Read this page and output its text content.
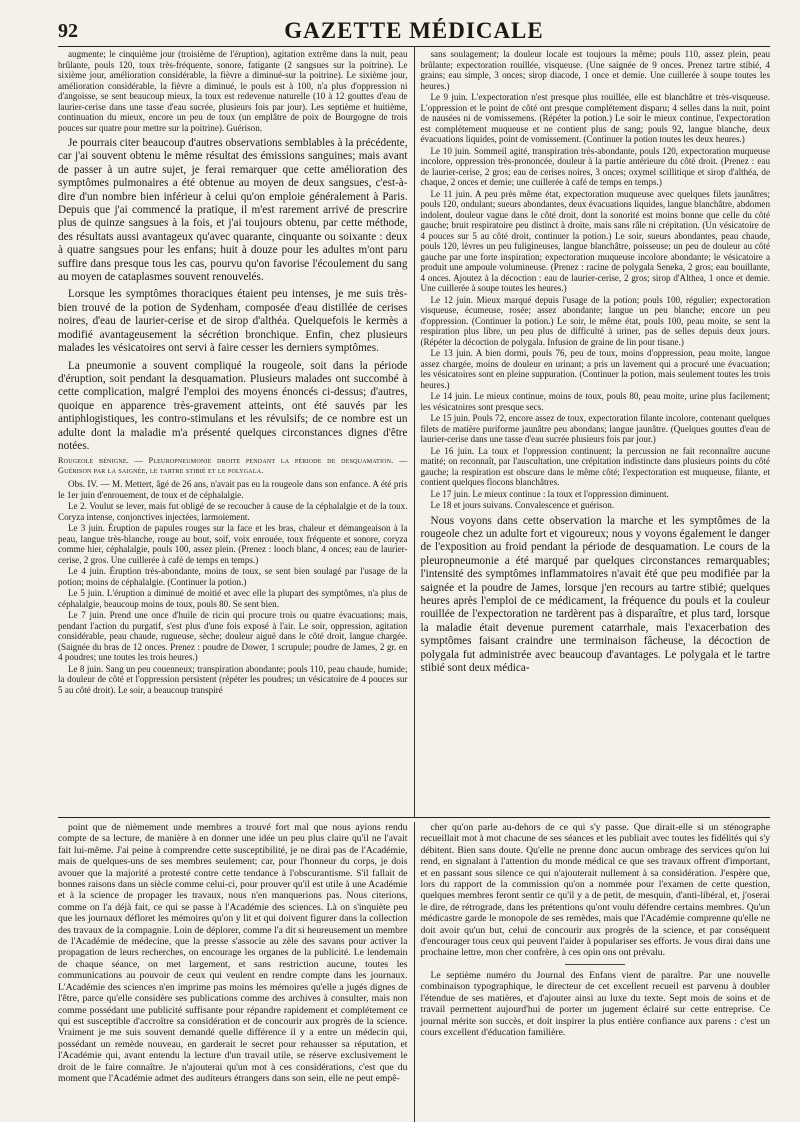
92	GAZETTE MÉDICALE

augmente; le cinquième jour (troisième de l'éruption), agitation extrême dans la nuit, peau brûlante, pouls 120, toux très-fréquente, sonore, fatigante (2 sangsues sur la poitrine). Le sixième jour, amélioration considérable, la fièvre a diminué-sur la poitrine). Le sixième jour, amélioration considérable, la fièvre a diminué, le pouls est à 100, n'a plus d'oppression ni d'angoisse, se sent beaucoup mieux, la toux est redevenue naturelle (10 à 12 gouttes d'eau de laurier-cerise dans une tasse d'eau sucrée, plusieurs fois par jour). Les septième et huitième, continuation du mieux, encore un peu de toux (un emplâtre de poix de Bourgogne de trois pouces sur quatre pour mettre sur la poitrine). Guérison.

Je pourrais citer beaucoup d'autres observations semblables à la précédente, car j'ai souvent obtenu le même résultat des émissions sanguines; mais avant de passer à un autre sujet, je ferai remarquer que cette amélioration des symptômes pulmonaires a été obtenue au moyen de deux sangsues, c'est-à-dire d'un nombre bien inférieur à celui qu'on emploie généralement à Paris. Depuis que j'ai commencé la pratique, il m'est rarement arrivé de prescrire plus de quinze sangsues à la fois, et j'ai toujours obtenu, par cette méthode, des résultats aussi avantageux qu'avec quarante, cinquante ou soixante : deux à quatre sangsues pour les enfans; huit à douze pour les adultes m'ont paru suffire dans presque tous les cas, pourvu qu'on favorise l'écoulement du sang au moyen de cataplasmes souvent renouvelés.

Lorsque les symptômes thoraciques étaient peu intenses, je me suis très-bien trouvé de la potion de Sydenham, composée d'eau distillée de cerises noires, d'eau de laurier-cerise et de sirop d'althéa. Quelquefois le kermès a modifié avantageusement la sécrétion bronchique. Enfin, chez plusieurs malades les vésicatoires ont servi à faire cesser les derniers symptômes.

La pneumonie a souvent compliqué la rougeole, soit dans la période d'éruption, soit pendant la desquamation. Plusieurs malades ont succombé à cette complication, malgré l'emploi des moyens énoncés ci-dessus; d'autres, quoique en apparence très-gravement atteints, ont été sauvés par les antiphlogistiques, les contro-stimulans et les révulsifs; de ce nombre est un adulte dont la maladie m'a présenté quelques circonstances dignes d'être notées.

Rougeole bénigne. — Pleuropneumonie droite pendant la période de desquamation. — Guérison par la saignée, le tartre stibié et le polygala.

Obs. IV. — M. Mettert, âgé de 26 ans, n'avait pas eu la rougeole dans son enfance. A été pris le 1er juin d'enrouement, de toux et de céphalalgie.

Le 2. Voulut se lever, mais fut obligé de se recoucher à cause de la céphalalgie et de la toux. Coryza intense, conjonctives injectées, larmoiement.

Le 3 juin. Éruption de papules rouges sur la face et les bras, chaleur et démangeaison à la peau, langue très-blanche, rouge au bout, soif, voix enrouée, toux fréquente et sonore, coryza comme hier, céphalalgie, pouls 100, assez plein. (Prenez : looch blanc, 4 onces; eau de laurier-cerise, 2 gros. Une cuillerée à café de temps en temps.)

Le 4 juin. Éruption très-abondante, moins de toux, se sent bien soulagé par l'usage de la potion; moins de céphalalgie. (Continuer la potion.)

Le 5 juin. L'éruption a diminué de moitié et avec elle la plupart des symptômes, n'a plus de céphalalgie, beaucoup moins de toux, pouls 80. Se sent bien.

Le 7 juin. Prend une once d'huile de ricin qui procure trois ou quatre évacuations; mais, pendant l'action du purgatif, s'est plus d'une fois exposé à l'air. Le soir, oppression, agitation considérable, peau chaude, rugueuse, sèche; douleur aiguë dans le côté droit, langue chargée. (Saignée du bras de 12 onces. Prenez : poudre de Dower, 1 scrupule; poudre de James, 2 gr. en 4 poudres; une toutes les trois heures.)

Le 8 juin. Sang un peu couenneux; transpiration abondante; pouls 110, peau chaude, humide; la douleur de côté et l'oppression persistent (répéter les poudres; un vésicatoire de 4 pouces sur 5 au côté droit). Le soir, a beaucoup transpiré

sans soulagement; la douleur locale est toujours la même; pouls 110, assez plein, peau brûlante; expectoration rouillée, visqueuse. (Une saignée de 9 onces. Prenez tartre stibié, 4 grains; eau simple, 3 onces; sirop diacode, 1 once et demie. Une cuillerée à soupe toutes les heures.)

Le 9 juin. L'expectoration n'est presque plus rouillée, elle est blanchâtre et très-visqueuse. L'oppression et le point de côté ont presque complétement disparu; 4 selles dans la nuit, point de nausées ni de vomissemens. (Répéter la potion.) Le soir le mieux continue, l'expectoration est complétement muqueuse et ne contient plus de sang; pouls 92, langue blanche, deux évacuations liquides, point de vomissement. (Continuer la potion toutes les deux heures.)

Le 10 juin. Sommeil agité, transpiration très-abondante, pouls 120, expectoration muqueuse incolore, oppression très-prononcée, douleur à la partie antérieure du côté droit. (Prenez : eau de laurier-cerise, 2 gros; eau de cerises noires, 3 onces; oxymel scillitique et sirop d'althéa, de chaque, 2 onces et demie; une cuillerée à café de temps en temps.)

Le 11 juin. A peu près même état, expectoration muqueuse avec quelques filets jaunâtres; pouls 120, ondulant; sueurs abondantes, deux évacuations liquides, langue blanchâtre, abdomen indolent, douleur vague dans le côté droit, dont la sonorité est moins bonne que celle du côté gauche; bruit respiratoire peu distinct à droite, mais sans râle ni crépitation. (Un vésicatoire de 4 pouces sur 5 au côté droit, continuer la potion.) Le soir, sueurs abondantes, peau chaude, pouls 120, lèvres un peu fuligineuses, langue blanchâtre, poisseuse; un peu de douleur au côté gauche par une forte inspiration; expectoration muqueuse incolore abondante; le vésicatoire a produit une ampoule volumineuse. (Prenez : racine de polygala Seneka, 2 gros; eau bouillante, 4 onces. Ajoutez à la décoction : eau de laurier-cerise, 2 gros; sirop d'Althea, 1 once et demie. Une cuillerée à soupe toutes les heures.)

Le 12 juin. Mieux marqué depuis l'usage de la potion; pouls 100, régulier; expectoration visqueuse, écumeuse, rosée; assez abondante; langue un peu blanche; encore un peu d'oppression. (Continuer la potion.) Le soir, le même état, pouls 100, peau moite, se sent la respiration plus libre, un peu plus de difficulté à uriner, pas de selles depuis deux jours. (Répéter la décoction de polygala. Infusion de graine de lin pour tisane.)

Le 13 juin. A bien dormi, pouls 76, peu de toux, moins d'oppression, peau moite, langue assez chargée, moins de douleur en urinant; a pris un lavement qui a procuré une évacuation; les vésicatoires sont en pleine suppuration. (Continuer la potion, mais seulement toutes les trois heures.)

Le 14 juin. Le mieux continue, moins de toux, pouls 80, peau moite, urine plus facilement; les vésicatoires sont presque secs.

Le 15 juin. Pouls 72, encore assez de toux, expectoration filante incolore, contenant quelques filets de matière puriforme jaunâtre peu abondans; langue jaunâtre. (Quelques gouttes d'eau de laurier-cerise dans une tasse d'eau sucrée plusieurs fois par jour.)

Le 16 juin. La toux et l'oppression continuent; la percussion ne fait reconnaître aucune matité; on reconnaît, par l'auscultation, une crépitation indistincte dans plusieurs points du côté gauche; la respiration est obscure dans le même côté; l'expectoration est muqueuse, filante, et contient quelques flocons blanchâtres.

Le 17 juin. Le mieux continue : la toux et l'oppression diminuent.

Le 18 et jours suivans. Convalescence et guérison.

Nous voyons dans cette observation la marche et les symptômes de la rougeole chez un adulte fort et vigoureux; nous y voyons également le danger de l'exposition au froid pendant la période de desquamation. Le cours de la pleuropneumonie a été marqué par quelques circonstances remarquables; l'intensité des symptômes inflammatoires n'avait été que peu modifiée par la saignée et la poudre de James, lorsque j'en recours au tartre stibié; quelques heures après l'emploi de ce médicament, la fréquence du pouls et la couleur rouillée de l'expectoration ne tardèrent pas à disparaître, et plus tard, lorsque la maladie était devenue purement catarrhale, mais l'exacerbation des symptômes faisant craindre une terminaison fâcheuse, la décoction de polygala fut administrée avec beaucoup d'avantages. Le polygala et le tartre stibié sont deux médica-

point que de nièmement unde membres a trouvé fort mal que nous ayions rendu compte de sa lecture, de manière à en donner une idée un peu plus claire qu'il ne l'avait fait lui-même. J'ai peine à comprendre cette susceptibilité, je ne dirai pas de l'Académie, mais de quelques-uns de ses membres seulement; car, pour l'honneur du corps, je dois avouer que la majorité a protesté contre cette tendance à l'obscurantisme. S'il fallait de bonnes raisons dans un siècle comme celui-ci, pour prouver qu'il est utile à une Académie et à la science de propager les travaux, nous n'en manquerions pas. Nous citerions, comme on l'a déjà fait, ce qui se passe à l'Académie des sciences. Là on s'inquiète peu que les journaux défloret les mémoires qu'on y lit et qui doivent figurer dans la collection des travaux de la compagnie. Loin de déplorer, comme l'a dit si heureusement un membre de l'Académie de médecine, que la presse s'associe au zèle des savans pour activer la propagation de leurs recherches, on encourage les organes de la publicité. Le lendemain de chaque séance, on met largement, et sans restriction aucune, toutes les communications au pouvoir de ceux qui veulent en rendre compte dans les journaux. L'Académie des sciences n'en imprime pas moins les mémoires qu'elle a jugés dignes de l'être, parce qu'elle considère ses publications comme des archives à consulter, mais non comme possédant une publicité suffisante pour répandre rapidement et complétement ce qui est susceptible d'accroître sa considération et de concourir aux progrès de la science. Vraiment je me suis souvent demandé quelle différence il y a entre un médecin qui, possédant un remède nouveau, en garderait le secret pour rehausser sa réputation, et l'Académie qui, avant entendu la lecture d'un travail utile, se réserve exclusivement le droit de le faire connaître. Je n'ajouterai qu'un mot à ces considérations, c'est que du moment que l'Académie admet des auditeurs étrangers dans son sein, elle ne peut empê-

cher qu'on parle au-dehors de ce qui s'y passe. Que dirait-elle si un sténographe recueillait mot à mot chacune de ses séances et les publiait avec toutes les fidélités qui s'y débitent. Bien sans doute. Qu'elle ne prenne donc aucun ombrage des services qu'on lui rend, en signalant à l'attention du monde médical ce que ses travaux offrent d'important, et en passant sous silence ce qui n'ajouterait nullement à sa considération. J'espère que, lors du rapport de la commission qu'on a nommée pour l'examen de cette question, quelques membres feront sentir ce qu'il y a de petit, de mesquin, d'anti-libéral, et, j'oserai le dire, de rétrograde, dans les prétentions qu'ont voulu défendre certains membres. Qu'un médicastre garde le monopole de ses remèdes, mais que l'Académie comprenne qu'elle ne doit avoir qu'un but, celui de concourir aux progrès de la science, et par conséquent d'encourager tous ceux qui peuvent l'aider à populariser ses efforts. Je vous dirai dans une prochaine lettre, mon cher confrère, à ces opin ons ont prévalu.

Le septième numéro du Journal des Enfans vient de paraître. Par une nouvelle combinaison typographique, le directeur de cet excellent recueil est parvenu à doubler l'étendue de ses matières, et d'ajouter ainsi au luxe du texte. Sept mois de soins et de travail permettent aujourd'hui de porter un jugement éclairé sur cette entreprise. Ce journal mérite son succès, et doit inspirer la plus entière confiance aux parens : c'est un cours excellent d'éducation familière.
